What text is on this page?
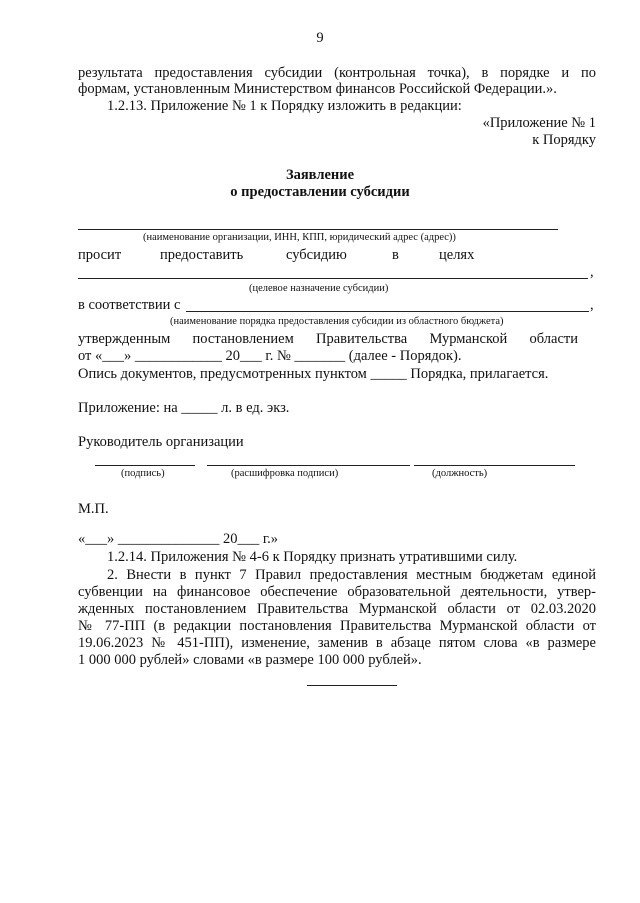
9
результата предоставления субсидии (контрольная точка), в порядке и по
формам, установленным Министерством финансов Российской Федерации.».
1.2.13. Приложение № 1 к Порядку изложить в редакции:
«Приложение № 1
к Порядку
Заявление
о предоставлении субсидии
(наименование организации, ИНН, КПП, юридический адрес (адрес))
просит	предоставить	субсидию	в	целях
,
(целевое назначение субсидии)
в соответствии с	,
(наименование порядка предоставления субсидии из областного бюджета)
утвержденным постановлением Правительства Мурманской области
от «___» ____________ 20___ г. № _______ (далее - Порядок).
Опись документов, предусмотренных пунктом _____ Порядка, прилагается.
Приложение: на _____ л. в ед. экз.
Руководитель организации
(подпись)	(расшифровка подписи)	(должность)
М.П.
«___» ______________ 20___ г.»
1.2.14. Приложения № 4-6 к Порядку признать утратившими силу.
2. Внести в пункт 7 Правил предоставления местным бюджетам единой
субвенции на финансовое обеспечение образовательной деятельности, утвер-
жденных постановлением Правительства Мурманской области от 02.03.2020
№ 77-ПП (в редакции постановления Правительства Мурманской области от
19.06.2023 № 451-ПП), изменение, заменив в абзаце пятом слова «в размере
1 000 000 рублей» словами «в размере 100 000 рублей».
